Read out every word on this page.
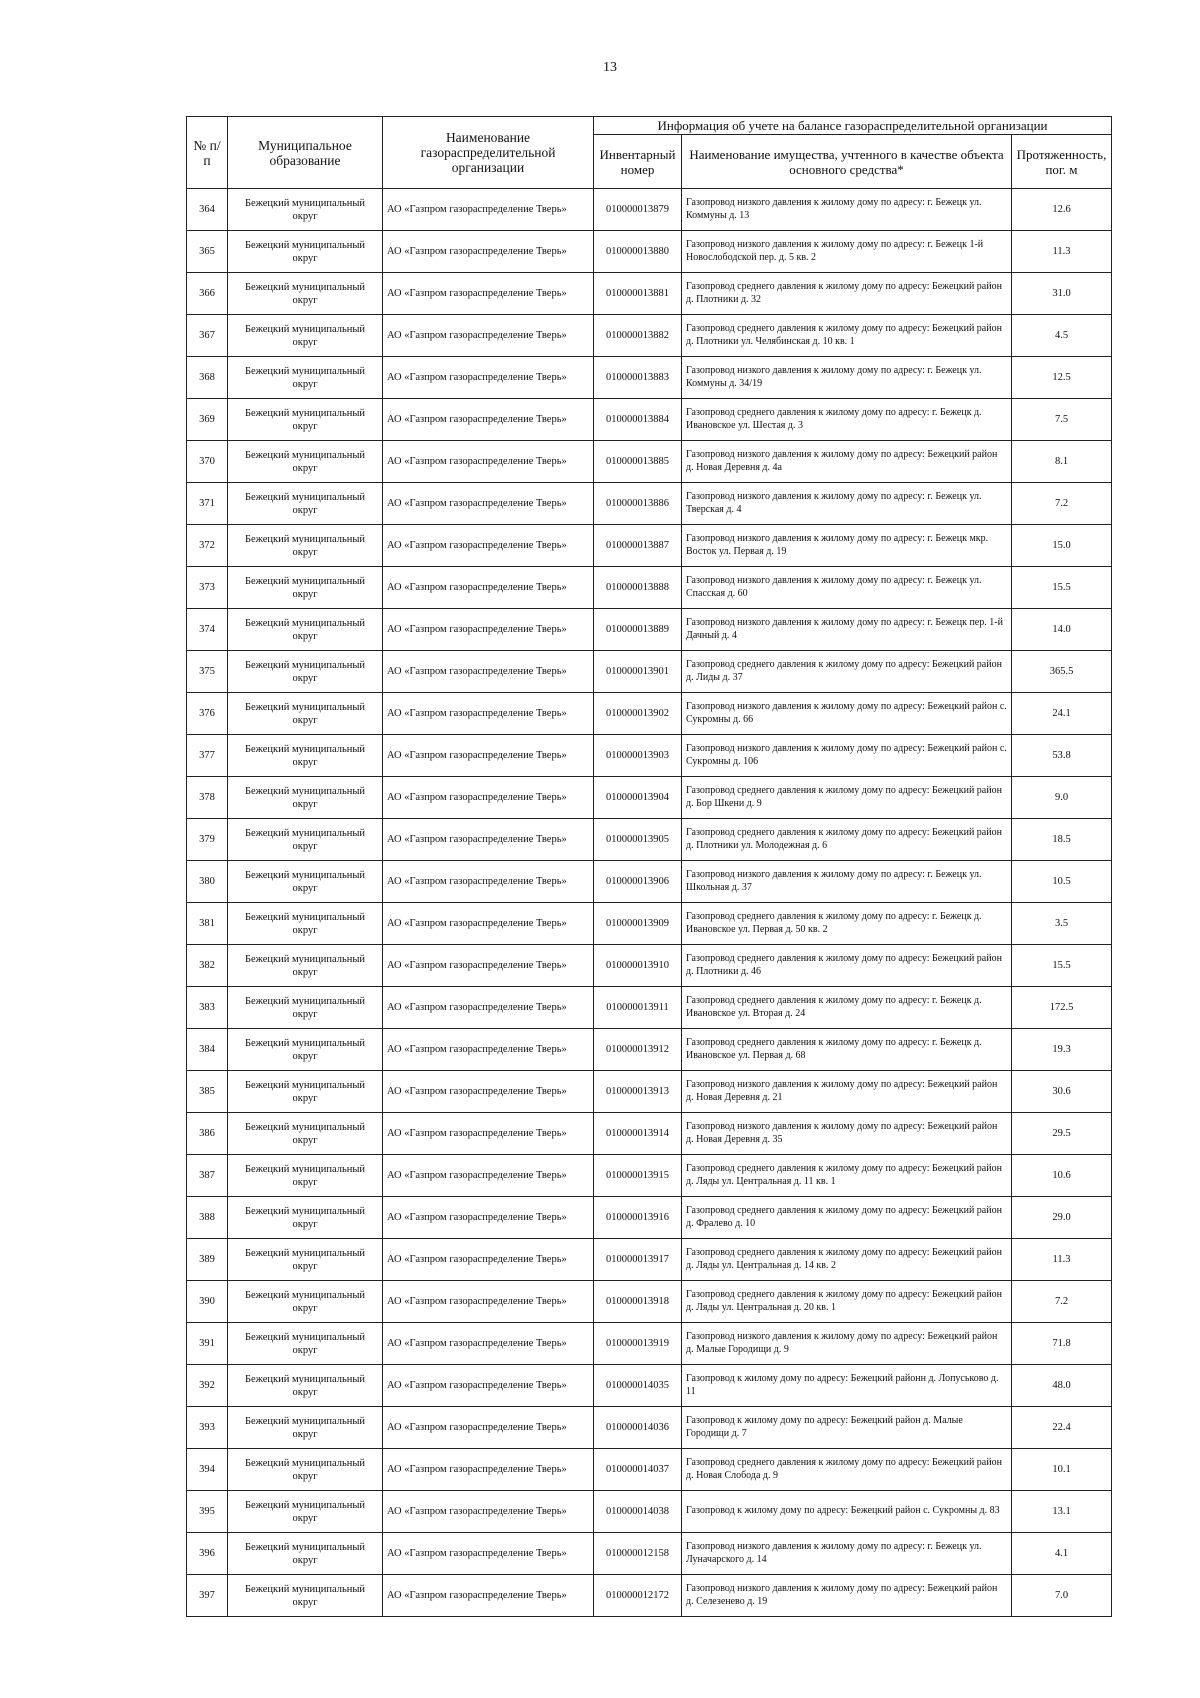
13
№ п/п	Муниципальное образование	Наименование газораспределительной организации	Информация об учете на балансе газораспределительной организации		
			Инвентарный номер	Наименование имущества, учтенного в качестве объекта основного средства*	Протяженность, пог. м
364	Бежецкий муниципальный округ	АО «Газпром газораспределение Тверь»	010000013879	Газопровод низкого давления к жилому дому по адресу: г. Бежецк ул. Коммуны д. 13	12.6
365	Бежецкий муниципальный округ	АО «Газпром газораспределение Тверь»	010000013880	Газопровод низкого давления к жилому дому по адресу: г. Бежецк 1-й Новослободской пер. д. 5 кв. 2	11.3
366	Бежецкий муниципальный округ	АО «Газпром газораспределение Тверь»	010000013881	Газопровод среднего давления к жилому дому по адресу: Бежецкий район д. Плотники д. 32	31.0
367	Бежецкий муниципальный округ	АО «Газпром газораспределение Тверь»	010000013882	Газопровод среднего давления к жилому дому по адресу: Бежецкий район д. Плотники ул. Челябинская д. 10 кв. 1	4.5
368	Бежецкий муниципальный округ	АО «Газпром газораспределение Тверь»	010000013883	Газопровод низкого давления к жилому дому по адресу: г. Бежецк ул. Коммуны д. 34/19	12.5
369	Бежецкий муниципальный округ	АО «Газпром газораспределение Тверь»	010000013884	Газопровод среднего давления к жилому дому по адресу: г. Бежецк д. Ивановское ул. Шестая д. 3	7.5
370	Бежецкий муниципальный округ	АО «Газпром газораспределение Тверь»	010000013885	Газопровод низкого давления к жилому дому по адресу: Бежецкий район д. Новая Деревня д. 4а	8.1
371	Бежецкий муниципальный округ	АО «Газпром газораспределение Тверь»	010000013886	Газопровод низкого давления к жилому дому по адресу: г. Бежецк ул. Тверская д. 4	7.2
372	Бежецкий муниципальный округ	АО «Газпром газораспределение Тверь»	010000013887	Газопровод низкого давления к жилому дому по адресу: г. Бежецк мкр. Восток ул. Первая д. 19	15.0
373	Бежецкий муниципальный округ	АО «Газпром газораспределение Тверь»	010000013888	Газопровод низкого давления к жилому дому по адресу: г. Бежецк ул. Спасская д. 60	15.5
374	Бежецкий муниципальный округ	АО «Газпром газораспределение Тверь»	010000013889	Газопровод низкого давления к жилому дому по адресу: г. Бежецк пер. 1-й Дачный д. 4	14.0
375	Бежецкий муниципальный округ	АО «Газпром газораспределение Тверь»	010000013901	Газопровод среднего давления к жилому дому по адресу: Бежецкий район д. Лиды д. 37	365.5
376	Бежецкий муниципальный округ	АО «Газпром газораспределение Тверь»	010000013902	Газопровод низкого давления к жилому дому по адресу: Бежецкий район с. Сукромны д. 66	24.1
377	Бежецкий муниципальный округ	АО «Газпром газораспределение Тверь»	010000013903	Газопровод низкого давления к жилому дому по адресу: Бежецкий район с. Сукромны д. 106	53.8
378	Бежецкий муниципальный округ	АО «Газпром газораспределение Тверь»	010000013904	Газопровод среднего давления к жилому дому по адресу: Бежецкий район д. Бор Шкени д. 9	9.0
379	Бежецкий муниципальный округ	АО «Газпром газораспределение Тверь»	010000013905	Газопровод среднего давления к жилому дому по адресу: Бежецкий район д. Плотники ул. Молодежная д. 6	18.5
380	Бежецкий муниципальный округ	АО «Газпром газораспределение Тверь»	010000013906	Газопровод низкого давления к жилому дому по адресу: г. Бежецк ул. Школьная д. 37	10.5
381	Бежецкий муниципальный округ	АО «Газпром газораспределение Тверь»	010000013909	Газопровод среднего давления к жилому дому по адресу: г. Бежецк д. Ивановское ул. Первая д. 50 кв. 2	3.5
382	Бежецкий муниципальный округ	АО «Газпром газораспределение Тверь»	010000013910	Газопровод среднего давления к жилому дому по адресу: Бежецкий район д. Плотники д. 46	15.5
383	Бежецкий муниципальный округ	АО «Газпром газораспределение Тверь»	010000013911	Газопровод среднего давления к жилому дому по адресу: г. Бежецк д. Ивановское ул. Вторая д. 24	172.5
384	Бежецкий муниципальный округ	АО «Газпром газораспределение Тверь»	010000013912	Газопровод среднего давления к жилому дому по адресу: г. Бежецк д. Ивановское ул. Первая д. 68	19.3
385	Бежецкий муниципальный округ	АО «Газпром газораспределение Тверь»	010000013913	Газопровод низкого давления к жилому дому по адресу: Бежецкий район д. Новая Деревня д. 21	30.6
386	Бежецкий муниципальный округ	АО «Газпром газораспределение Тверь»	010000013914	Газопровод низкого давления к жилому дому по адресу: Бежецкий район д. Новая Деревня д. 35	29.5
387	Бежецкий муниципальный округ	АО «Газпром газораспределение Тверь»	010000013915	Газопровод среднего давления к жилому дому по адресу: Бежецкий район д. Ляды ул. Центральная д. 11 кв. 1	10.6
388	Бежецкий муниципальный округ	АО «Газпром газораспределение Тверь»	010000013916	Газопровод среднего давления к жилому дому по адресу: Бежецкий район д. Фралево д. 10	29.0
389	Бежецкий муниципальный округ	АО «Газпром газораспределение Тверь»	010000013917	Газопровод среднего давления к жилому дому по адресу: Бежецкий район д. Ляды ул. Центральная д. 14 кв. 2	11.3
390	Бежецкий муниципальный округ	АО «Газпром газораспределение Тверь»	010000013918	Газопровод среднего давления к жилому дому по адресу: Бежецкий район д. Ляды ул. Центральная д. 20 кв. 1	7.2
391	Бежецкий муниципальный округ	АО «Газпром газораспределение Тверь»	010000013919	Газопровод низкого давления к жилому дому по адресу: Бежецкий район д. Малые Городищи д. 9	71.8
392	Бежецкий муниципальный округ	АО «Газпром газораспределение Тверь»	010000014035	Газопровод к жилому дому по адресу: Бежецкий районн д. Лопуськово д. 11	48.0
393	Бежецкий муниципальный округ	АО «Газпром газораспределение Тверь»	010000014036	Газопровод к жилому дому по адресу: Бежецкий район д. Малые Городищи д. 7	22.4
394	Бежецкий муниципальный округ	АО «Газпром газораспределение Тверь»	010000014037	Газопровод среднего давления к жилому дому по адресу: Бежецкий район д. Новая Слобода д. 9	10.1
395	Бежецкий муниципальный округ	АО «Газпром газораспределение Тверь»	010000014038	Газопровод к жилому дому по адресу: Бежецкий район с. Сукромны д. 83	13.1
396	Бежецкий муниципальный округ	АО «Газпром газораспределение Тверь»	010000012158	Газопровод низкого давления к жилому дому по адресу: г. Бежецк ул. Луначарского д. 14	4.1
397	Бежецкий муниципальный округ	АО «Газпром газораспределение Тверь»	010000012172	Газопровод низкого давления к жилому дому по адресу: Бежецкий район д. Селезенево д. 19	7.0
